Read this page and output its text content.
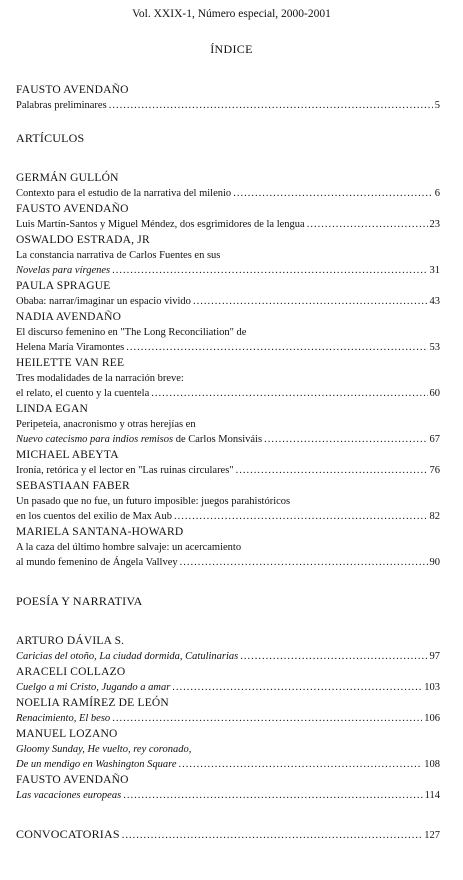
Vol. XXIX-1, Número especial, 2000-2001
ÍNDICE
FAUSTO AVENDAÑO
Palabras preliminares .....	5
ARTÍCULOS
GERMÁN GULLÓN
Contexto para el estudio de la narrativa del milenio .....	6
FAUSTO AVENDAÑO
Luis Martín-Santos y Miguel Méndez, dos esgrimidores de la lengua .....	23
OSWALDO ESTRADA, JR
La constancia narrativa de Carlos Fuentes en sus
Novelas para vírgenes .....	31
PAULA SPRAGUE
Obaba: narrar/imaginar un espacio vivido .....	43
NADIA AVENDAÑO
El discurso femenino en "The Long Reconciliation" de
Helena María Viramontes .....	53
HEILETTE VAN REE
Tres modalidades de la narración breve:
el relato, el cuento y la cuentela .....	60
LINDA EGAN
Peripeteia, anacronismo y otras herejías en
Nuevo catecismo para indios remisos de Carlos Monsiváis .....	67
MICHAEL ABEYTA
Ironía, retórica y el lector en "Las ruinas circulares" .....	76
SEBASTIAAN FABER
Un pasado que no fue, un futuro imposible: juegos parahistóricos
en los cuentos del exilio de Max Aub .....	82
MARIELA SANTANA-HOWARD
A la caza del último hombre salvaje: un acercamiento
al mundo femenino de Ángela Vallvey .....	90
POESÍA Y NARRATIVA
ARTURO DÁVILA S.
Caricias del otoño, La ciudad dormida, Catulinarias .....	97
ARACELI COLLAZO
Cuelgo a mi Cristo, Jugando a amar .....	103
NOELIA RAMÍREZ DE LEÓN
Renacimiento, El beso .....	106
MANUEL LOZANO
Gloomy Sunday, He vuelto, rey coronado,
De un mendigo en Washington Square .....	108
FAUSTO AVENDAÑO
Las vacaciones europeas .....	114
CONVOCATORIAS .....	127
